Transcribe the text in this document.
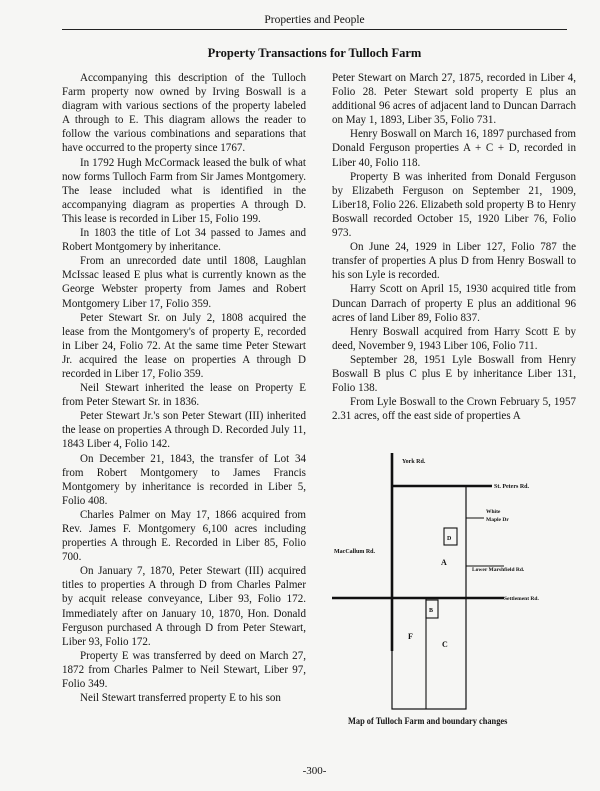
Properties and People
Property Transactions for Tulloch Farm

Accompanying this description of the Tulloch Farm property now owned by Irving Boswall is a diagram with various sections of the property labeled A through to E. This diagram allows the reader to follow the various combinations and separations that have occurred to the property since 1767.

In 1792 Hugh McCormack leased the bulk of what now forms Tulloch Farm from Sir James Montgomery. The lease included what is identified in the accompanying diagram as properties A through D. This lease is recorded in Liber 15, Folio 199.

In 1803 the title of Lot 34 passed to James and Robert Montgomery by inheritance.

From an unrecorded date until 1808, Laughlan McIssac leased E plus what is currently known as the George Webster property from James and Robert Montgomery Liber 17, Folio 359.

Peter Stewart Sr. on July 2, 1808 acquired the lease from the Montgomery's of property E, recorded in Liber 24, Folio 72. At the same time Peter Stewart Jr. acquired the lease on properties A through D recorded in Liber 17, Folio 359.

Neil Stewart inherited the lease on Property E from Peter Stewart Sr. in 1836.

Peter Stewart Jr.'s son Peter Stewart (III) inherited the lease on properties A through D. Recorded July 11, 1843 Liber 4, Folio 142.

On December 21, 1843, the transfer of Lot 34 from Robert Montgomery to James Francis Montgomery by inheritance is recorded in Liber 5, Folio 408.

Charles Palmer on May 17, 1866 acquired from Rev. James F. Montgomery 6,100 acres including properties A through E. Recorded in Liber 85, Folio 700.

On January 7, 1870, Peter Stewart (III) acquired titles to properties A through D from Charles Palmer by acquit release conveyance, Liber 93, Folio 172. Immediately after on January 10, 1870, Hon. Donald Ferguson purchased A through D from Peter Stewart, Liber 93, Folio 172.

Property E was transferred by deed on March 27, 1872 from Charles Palmer to Neil Stewart, Liber 97, Folio 349.

Neil Stewart transferred property E to his son

Peter Stewart on March 27, 1875, recorded in Liber 4, Folio 28. Peter Stewart sold property E plus an additional 96 acres of adjacent land to Duncan Darrach on May 1, 1893, Liber 35, Folio 731.

Henry Boswall on March 16, 1897 purchased from Donald Ferguson properties A + C + D, recorded in Liber 40, Folio 118.

Property B was inherited from Donald Ferguson by Elizabeth Ferguson on September 21, 1909, Liber18, Folio 226. Elizabeth sold property B to Henry Boswall recorded October 15, 1920 Liber 76, Folio 973.

On June 24, 1929 in Liber 127, Folio 787 the transfer of properties A plus D from Henry Boswall to his son Lyle is recorded.

Harry Scott on April 15, 1930 acquired title from Duncan Darrach of property E plus an additional 96 acres of land Liber 89, Folio 837.

Henry Boswall acquired from Harry Scott E by deed, November 9, 1943 Liber 106, Folio 711.

September 28, 1951 Lyle Boswall from Henry Boswall B plus C plus E by inheritance Liber 131, Folio 138.

From Lyle Boswall to the Crown February 5, 1957 2.31 acres, off the east side of properties A

York Rd.
St. Peters Rd.
White
Maple Dr
MacCallum Rd.
Lower Marshfield Rd.
Settlement Rd.
A
D
B
F
C
Map of Tulloch Farm and boundary changes
-300-
